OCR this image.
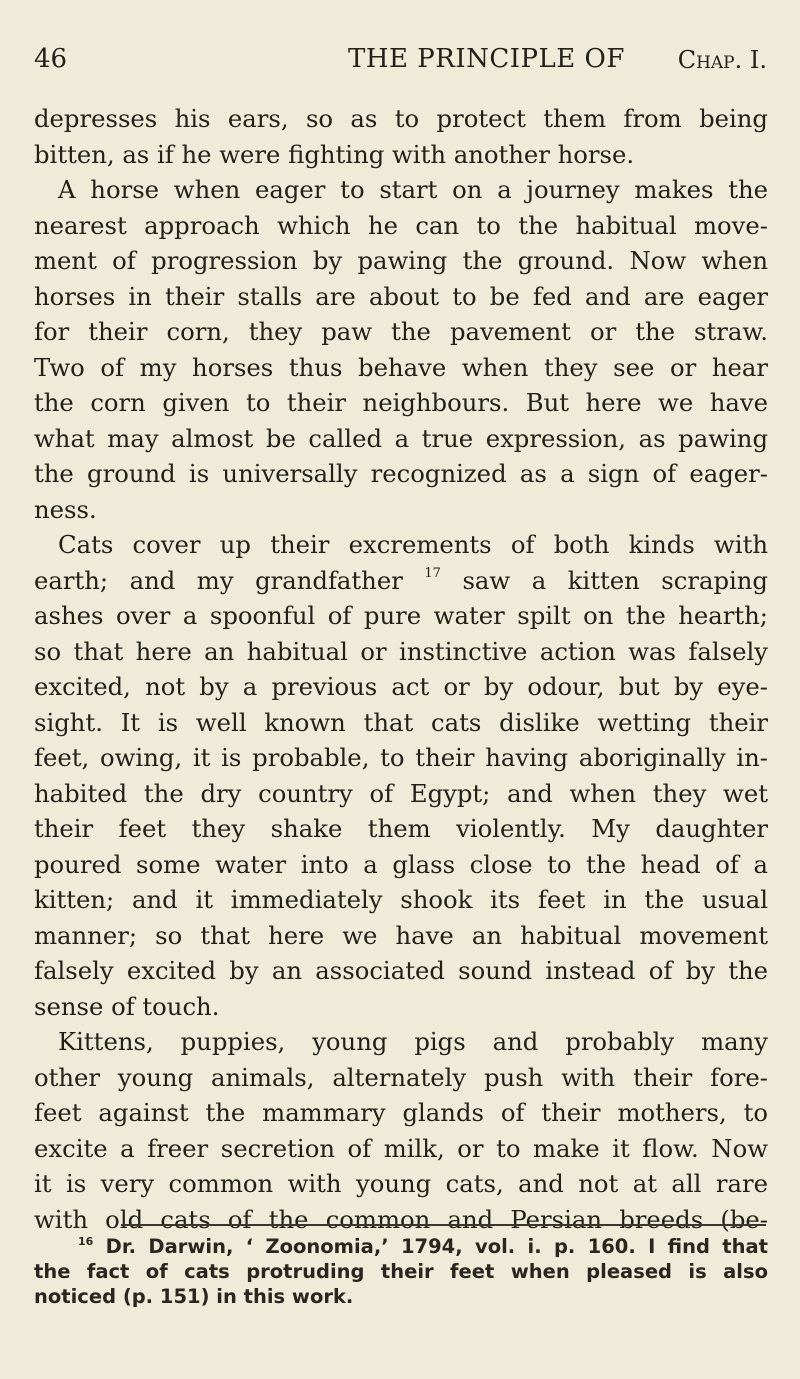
46	THE PRINCIPLE OF Chap. I.
depresses his ears, so as to protect them from being
bitten, as if he were fighting with another horse.
A horse when eager to start on a journey makes the
nearest approach which he can to the habitual move-
ment of progression by pawing the ground. Now when
horses in their stalls are about to be fed and are eager
for their corn, they paw the pavement or the straw.
Two of my horses thus behave when they see or hear
the corn given to their neighbours. But here we have
what may almost be called a true expression, as pawing
the ground is universally recognized as a sign of eager-
ness.
Cats cover up their excrements of both kinds with
earth; and my grandfather $^{17}$ saw a kitten scraping
ashes over a spoonful of pure water spilt on the hearth;
so that here an habitual or instinctive action was falsely
excited, not by a previous act or by odour, but by eye-
sight. It is well known that cats dislike wetting their
feet, owing, it is probable, to their having aboriginally in-
habited the dry country of Egypt; and when they wet
their feet they shake them violently. My daughter
poured some water into a glass close to the head of a
kitten; and it immediately shook its feet in the usual
manner; so that here we have an habitual movement
falsely excited by an associated sound instead of by the
sense of touch.
Kittens, puppies, young pigs and probably many
other young animals, alternately push with their fore-
feet against the mammary glands of their mothers, to
excite a freer secretion of milk, or to make it flow. Now
it is very common with young cats, and not at all rare
with old cats of the common and Persian breeds (be-
$^{16}$ Dr. Darwin, ‘ Zoonomia,’ 1794, vol. i. p. 160. I find that
the fact of cats protruding their feet when pleased is also
noticed (p. 151) in this work.
